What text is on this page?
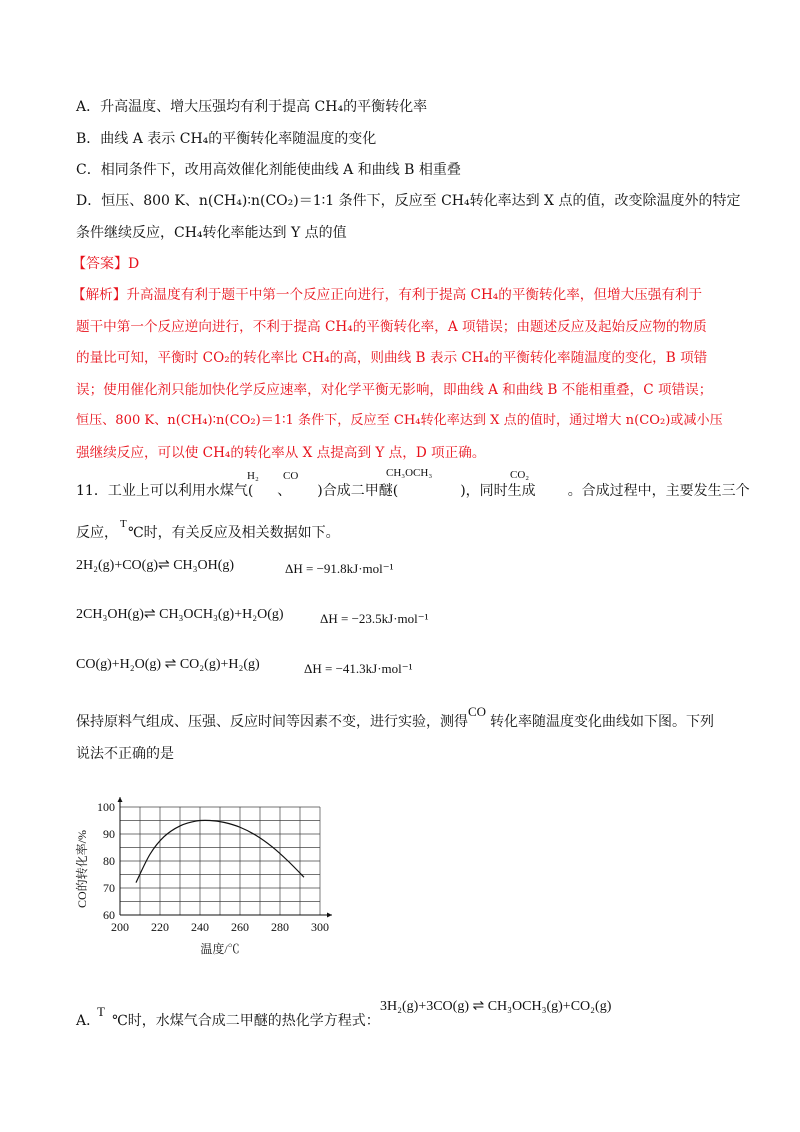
A．升高温度、增大压强均有利于提高 CH₄的平衡转化率
B．曲线 A 表示 CH₄的平衡转化率随温度的变化
C．相同条件下，改用高效催化剂能使曲线 A 和曲线 B 相重叠
D．恒压、800 K、n(CH₄)∶n(CO₂)＝1∶1 条件下，反应至 CH₄转化率达到 X 点的值，改变除温度外的特定
条件继续反应，CH₄转化率能达到 Y 点的值
【答案】D
【解析】升高温度有利于题干中第一个反应正向进行，有利于提高 CH₄的平衡转化率，但增大压强有利于
题干中第一个反应逆向进行，不利于提高 CH₄的平衡转化率，A 项错误；由题述反应及起始反应物的物质
的量比可知，平衡时 CO₂的转化率比 CH₄的高，则曲线 B 表示 CH₄的平衡转化率随温度的变化，B 项错
误；使用催化剂只能加快化学反应速率，对化学平衡无影响，即曲线 A 和曲线 B 不能相重叠，C 项错误；
恒压、800 K、n(CH₄)∶n(CO₂)＝1∶1 条件下，反应至 CH₄转化率达到 X 点的值时，通过增大 n(CO₂)或减小压
强继续反应，可以使 CH₄的转化率从 X 点提高到 Y 点，D 项正确。
11．工业上可以利用水煤气( 、 )合成二甲醚(	)，同时生成 。合成过程中，主要发生三个
H₂ CO	CH₃OCH₃	CO₂
反应， ℃时，有关反应及相关数据如下。
T
2H₂(g)+CO(g)⇌ CH₃OH(g)	ΔH = −91.8kJ·mol⁻¹
2CH₃OH(g)⇌ CH₃OCH₃(g)+H₂O(g)	ΔH = −23.5kJ·mol⁻¹
CO(g)+H₂O(g) ⇌ CO₂(g)+H₂(g)	ΔH = −41.3kJ·mol⁻¹
保持原料气组成、压强、反应时间等因素不变，进行实验，测得 转化率随温度变化曲线如下图。下列
CO
说法不正确的是
200 220 240 260 280 300
60
70
80
90
100
温度/℃
CO的转化率/%
A． ℃时，水煤气合成二甲醚的热化学方程式：
T	3H₂(g)+3CO(g) ⇌ CH₃OCH₃(g)+CO₂(g)
